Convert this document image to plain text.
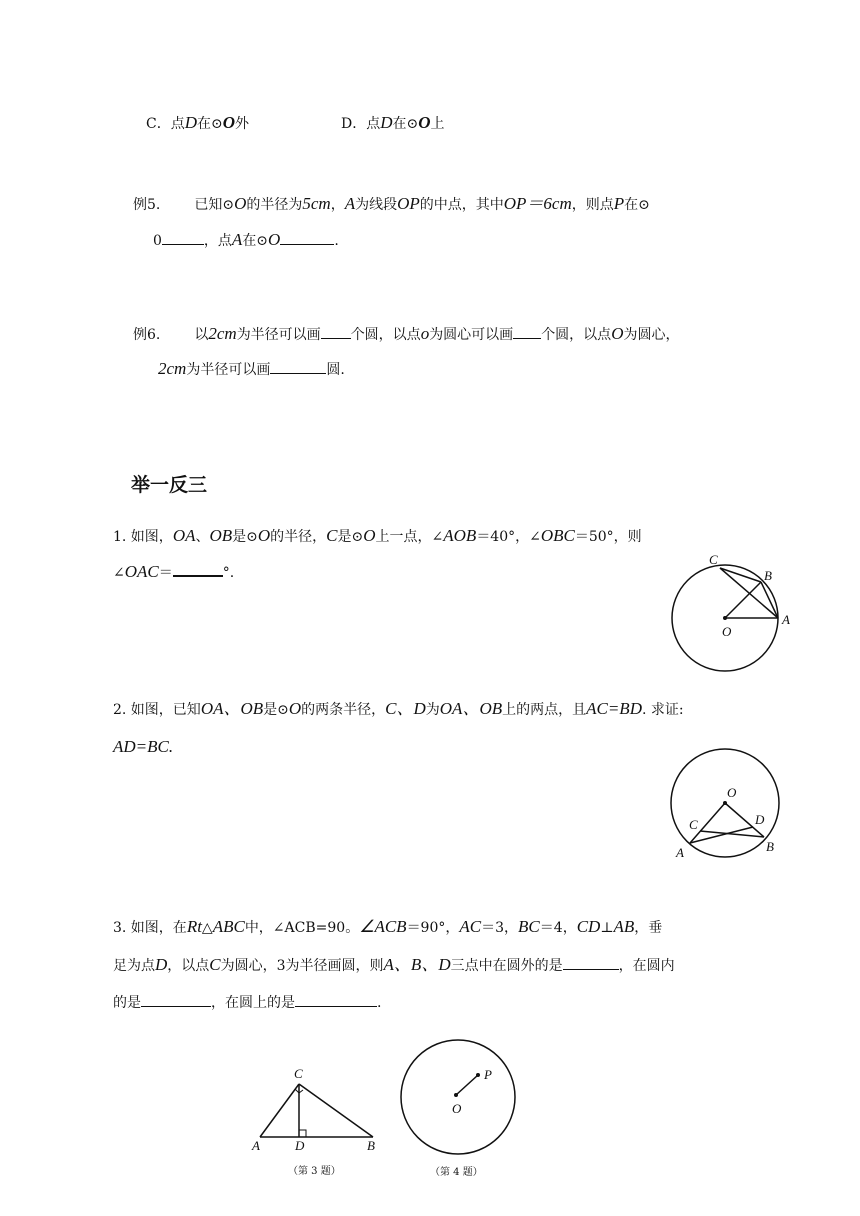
C．点D在⊙O外	D．点D在⊙O上
例5. 已知⊙O的半径为5cm，A为线段OP的中点，其中OP＝6cm，则点P在⊙
0	，点A在⊙O	.
例6. 以2cm为半径可以画 个圆，以点o为圆心可以画 个圆，以点O为圆心，
2cm为半径可以画	圆.
举一反三
1. 如图，OA、OB是⊙O的半径，C是⊙O上一点，∠AOB＝40°，∠OBC＝50°，则
∠OAC＝	°.
C
B
A
O
2. 如图，已知OA、OB是⊙O的两条半径，C、D为OA、OB上的两点，且AC=BD. 求证:
AD=BC.
O
C	D
A	B
3. 如图，在Rt△ABC中，∠ACB=90。∠ACB＝90°，AC＝3，BC＝4，CD⊥AB，垂
足为点D，以点C为圆心，3为半径画圆，则A、B、D三点中在圆外的是	，在圆内
的是	，在圆上的是	.
C
A	D	B
（第 3 题）
P
O
（第 4 题）
